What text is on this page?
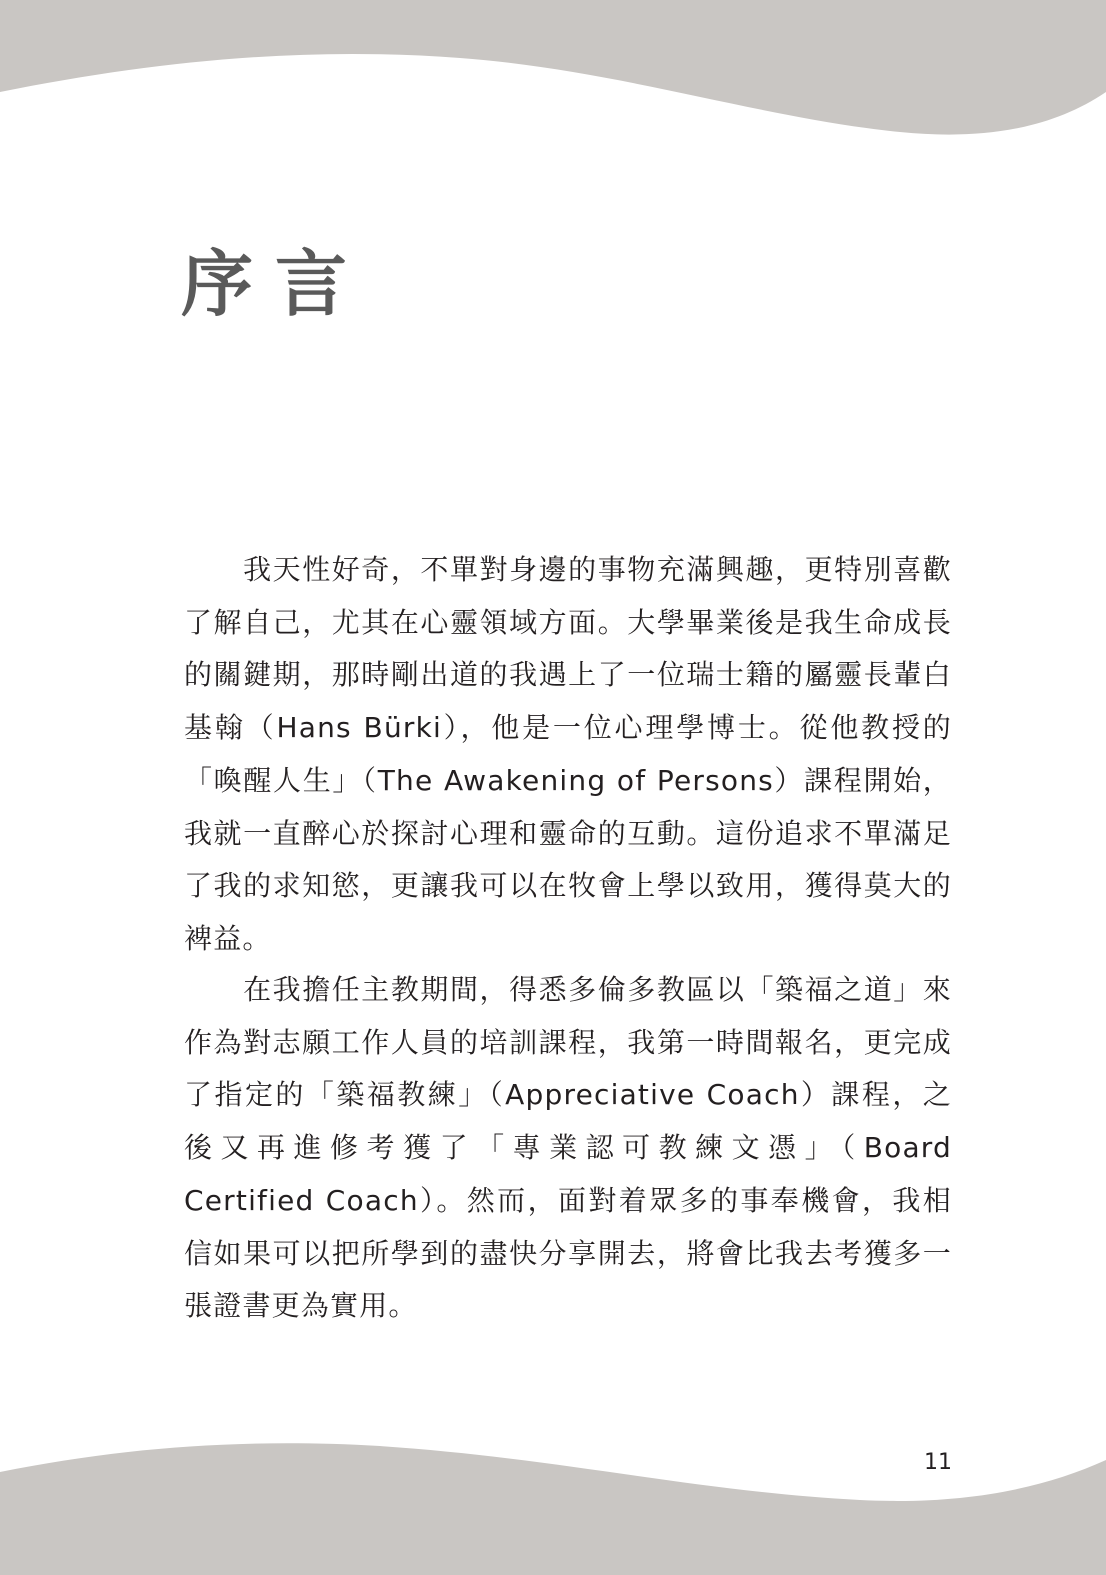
序言

　　我天性好奇，不單對身邊的事物充滿興趣，更特別喜歡了解自己，尤其在心靈領域方面。大學畢業後是我生命成長的關鍵期，那時剛出道的我遇上了一位瑞士籍的屬靈長輩白基翰（Hans Bürki），他是一位心理學博士。從他教授的「喚醒人生」（The Awakening of Persons）課程開始，我就一直醉心於探討心理和靈命的互動。這份追求不單滿足了我的求知慾，更讓我可以在牧會上學以致用，獲得莫大的裨益。

　　在我擔任主教期間，得悉多倫多教區以「築福之道」來作為對志願工作人員的培訓課程，我第一時間報名，更完成了指定的「築福教練」（Appreciative Coach）課程，之後又再進修考獲了「專業認可教練文憑」（Board Certified Coach）。然而，面對着眾多的事奉機會，我相信如果可以把所學到的盡快分享開去，將會比我去考獲多一張證書更為實用。

11
